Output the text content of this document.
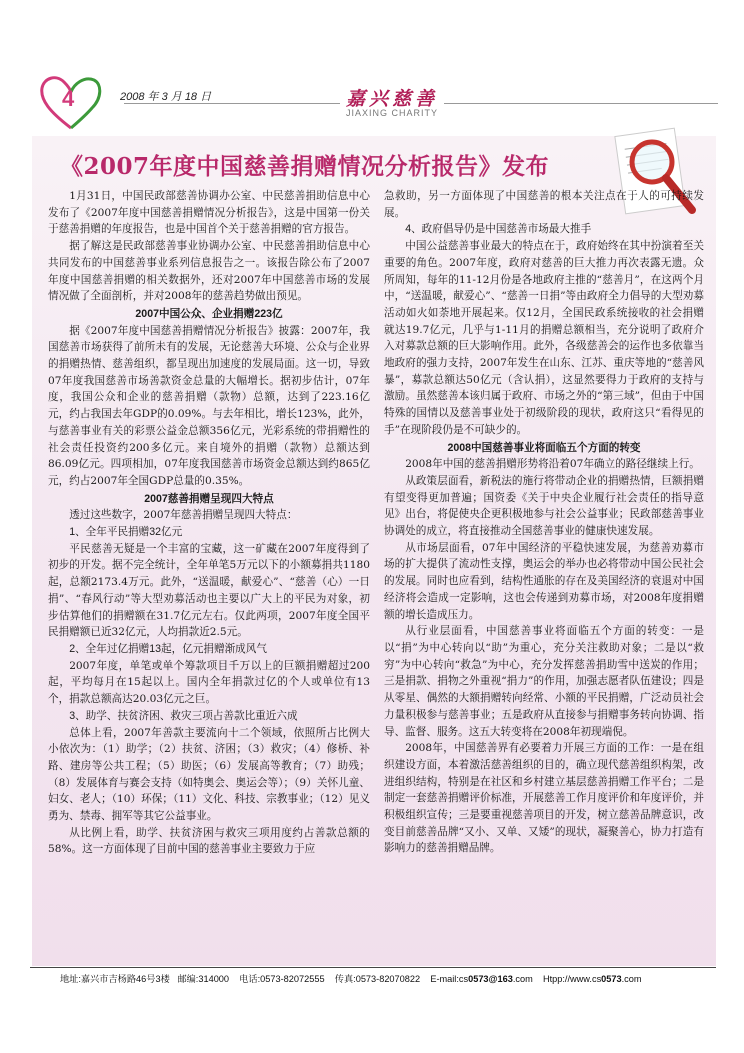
4	2008 年 3 月 18 日	嘉兴慈善
JIAXING CHARITY
《2007年度中国慈善捐赠情况分析报告》发布

1月31日，中国民政部慈善协调办公室、中民慈善捐助信息中心发布了《2007年度中国慈善捐赠情况分析报告》，这是中国第一份关于慈善捐赠的年度报告，也是中国首个关于慈善捐赠的官方报告。

据了解这是民政部慈善事业协调办公室、中民慈善捐助信息中心共同发布的中国慈善事业系列信息报告之一。该报告除公布了2007年度中国慈善捐赠的相关数据外，还对2007年中国慈善市场的发展情况做了全面剖析，并对2008年的慈善趋势做出预见。

2007中国公众、企业捐赠223亿

据《2007年度中国慈善捐赠情况分析报告》披露：2007年，我国慈善市场获得了前所未有的发展，无论慈善大环境、公众与企业界的捐赠热情、慈善组织，都呈现出加速度的发展局面。这一切，导致07年度我国慈善市场善款资金总量的大幅增长。据初步估计，07年度，我国公众和企业的慈善捐赠（款物）总额，达到了223.16亿元，约占我国去年GDP的0.09%。与去年相比，增长123%，此外，与慈善事业有关的彩票公益金总额356亿元，光彩系统的带捐赠性的社会责任投资约200多亿元。来自境外的捐赠（款物）总额达到86.09亿元。四项相加，07年度我国慈善市场资金总额达到约865亿元，约占2007年全国GDP总量的0.35%。

2007慈善捐赠呈现四大特点

透过这些数字，2007年慈善捐赠呈现四大特点：

1、全年平民捐赠32亿元

平民慈善无疑是一个丰富的宝藏，这一矿藏在2007年度得到了初步的开发。据不完全统计，全年单笔5万元以下的小额募捐共1180起，总额2173.4万元。此外，“送温暖，献爱心”、“慈善（心）一日捐”、“春风行动”等大型劝募活动也主要以广大上的平民为对象，初步估算他们的捐赠额在31.7亿元左右。仅此两项，2007年度全国平民捐赠额已近32亿元，人均捐款近2.5元。

2、全年过亿捐赠13起，亿元捐赠渐成风气

2007年度，单笔或单个筹款项目千万以上的巨额捐赠超过200起，平均每月在15起以上。国内全年捐款过亿的个人或单位有13个，捐款总额高达20.03亿元之巨。

3、助学、扶贫济困、救灾三项占善款比重近六成

总体上看，2007年善款主要流向十二个领域，依照所占比例大小依次为：（1）助学；（2）扶贫、济困；（3）救灾；（4）修桥、补路、建房等公共工程；（5）助医；（6）发展高等教育；（7）助残；（8）发展体育与赛会支持（如特奥会、奥运会等）；（9）关怀儿童、妇女、老人；（10）环保；（11）文化、科技、宗教事业；（12）见义勇为、禁毒、拥军等其它公益事业。

从比例上看，助学、扶贫济困与救灾三项用度约占善款总额的58%。这一方面体现了目前中国的慈善事业主要致力于应

急救助，另一方面体现了中国慈善的根本关注点在于人的可持续发展。

4、政府倡导仍是中国慈善市场最大推手

中国公益慈善事业最大的特点在于，政府始终在其中扮演着至关重要的角色。2007年度，政府对慈善的巨大推力再次表露无遗。众所周知，每年的11-12月份是各地政府主推的“慈善月”，在这两个月中，“送温暖，献爱心”、“慈善一日捐”等由政府全力倡导的大型劝募活动如火如荼地开展起来。仅12月，全国民政系统接收的社会捐赠就达19.7亿元，几乎与1-11月的捐赠总额相当，充分说明了政府介入对募款总额的巨大影响作用。此外，各级慈善会的运作也多依靠当地政府的强力支持，2007年发生在山东、江苏、重庆等地的“慈善风暴”，募款总额达50亿元（含认捐），这显然要得力于政府的支持与激励。虽然慈善本该归属于政府、市场之外的“第三域”，但由于中国特殊的国情以及慈善事业处于初级阶段的现状，政府这只“看得见的手”在现阶段仍是不可缺少的。

2008中国慈善事业将面临五个方面的转变

2008年中国的慈善捐赠形势将沿着07年确立的路径继续上行。

从政策层面看，新税法的施行将带动企业的捐赠热情，巨额捐赠有望变得更加普遍；国资委《关于中央企业履行社会责任的指导意见》出台，将促使央企更积极地参与社会公益事业；民政部慈善事业协调处的成立，将直接推动全国慈善事业的健康快速发展。

从市场层面看，07年中国经济的平稳快速发展，为慈善劝募市场的扩大提供了流动性支撑，奥运会的举办也必将带动中国公民社会的发展。同时也应看到，结构性通胀的存在及美国经济的衰退对中国经济将会造成一定影响，这也会传递到劝募市场，对2008年度捐赠额的增长造成压力。

从行业层面看，中国慈善事业将面临五个方面的转变：一是以“捐”为中心转向以“助”为重心，充分关注救助对象；二是以“救穷”为中心转向“救急”为中心，充分发挥慈善捐助雪中送炭的作用；三是捐款、捐物之外重视“捐力”的作用，加强志愿者队伍建设；四是从零星、偶然的大额捐赠转向经常、小额的平民捐赠，广泛动员社会力量积极参与慈善事业；五是政府从直接参与捐赠事务转向协调、指导、监督、服务。这五大转变将在2008年初现端倪。

2008年，中国慈善界有必要着力开展三方面的工作：一是在组织建设方面，本着激活慈善组织的目的，确立现代慈善组织构架，改进组织结构，特别是在社区和乡村建立基层慈善捐赠工作平台；二是制定一套慈善捐赠评价标准，开展慈善工作月度评价和年度评价，并积极组织宣传；三是要重视慈善项目的开发，树立慈善品牌意识，改变目前慈善品牌“又小、又单、又矮”的现状，凝聚善心，协力打造有影响力的慈善捐赠品牌。

地址:嘉兴市吉杨路46号3楼 邮编:314000 电话:0573-82072555 传真:0573-82070822 E-mail:cs0573@163.com Htpp://www.cs0573.com
